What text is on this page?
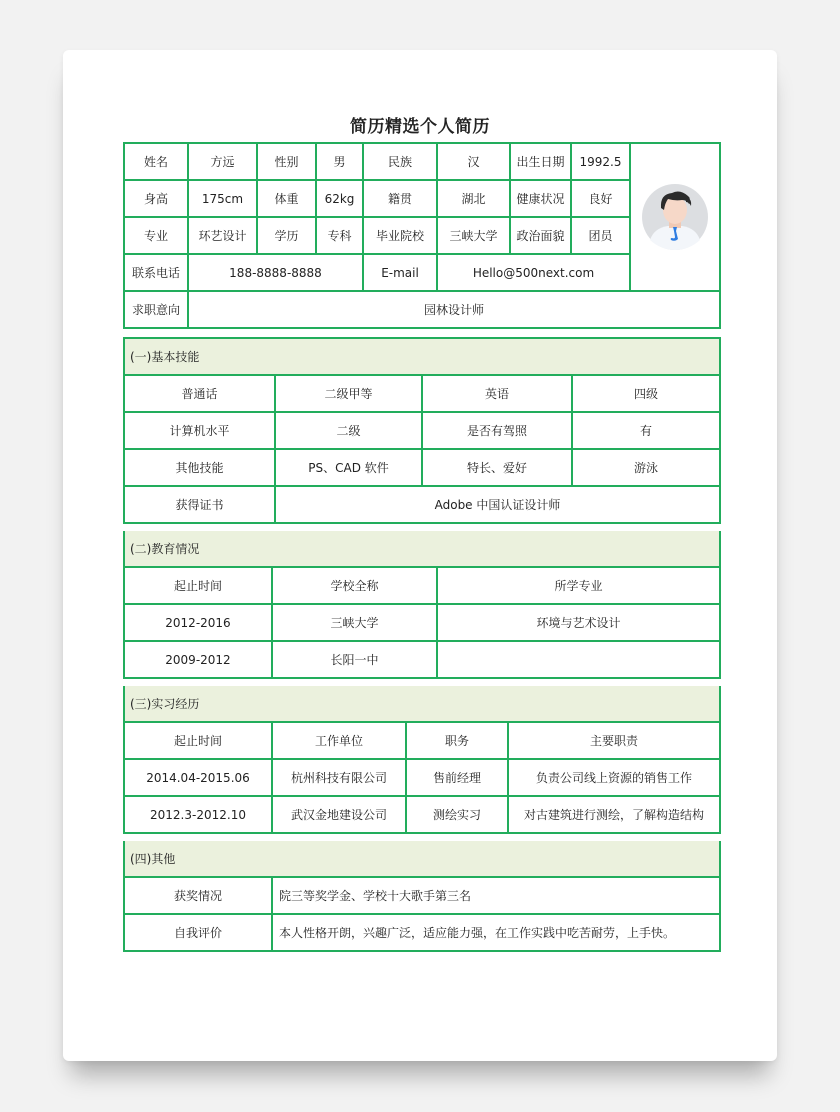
简历精选个人简历
姓名	方远	性别	男	民族	汉	出生日期	1992.5	

身高	175cm	体重	62kg	籍贯	湖北	健康状况	良好	
专业	环艺设计	学历	专科	毕业院校	三峡大学	政治面貌	团员	
联系电话	188-8888-8888			E-mail	Hello@500next.com			
求职意向	园林设计师							
(一)基本技能			
普通话	二级甲等	英语	四级
计算机水平	二级	是否有驾照	有
其他技能	PS、CAD 软件	特长、爱好	游泳
获得证书	Adobe 中国认证设计师		
(二)教育情况		
起止时间	学校全称	所学专业
2012-2016	三峡大学	环境与艺术设计
2009-2012	长阳一中	
(三)实习经历			
起止时间	工作单位	职务	主要职责
2014.04-2015.06	杭州科技有限公司	售前经理	负责公司线上资源的销售工作
2012.3-2012.10	武汉金地建设公司	测绘实习	对古建筑进行测绘，了解构造结构
(四)其他	
获奖情况	院三等奖学金、学校十大歌手第三名
自我评价	本人性格开朗，兴趣广泛，适应能力强，在工作实践中吃苦耐劳，上手快。
